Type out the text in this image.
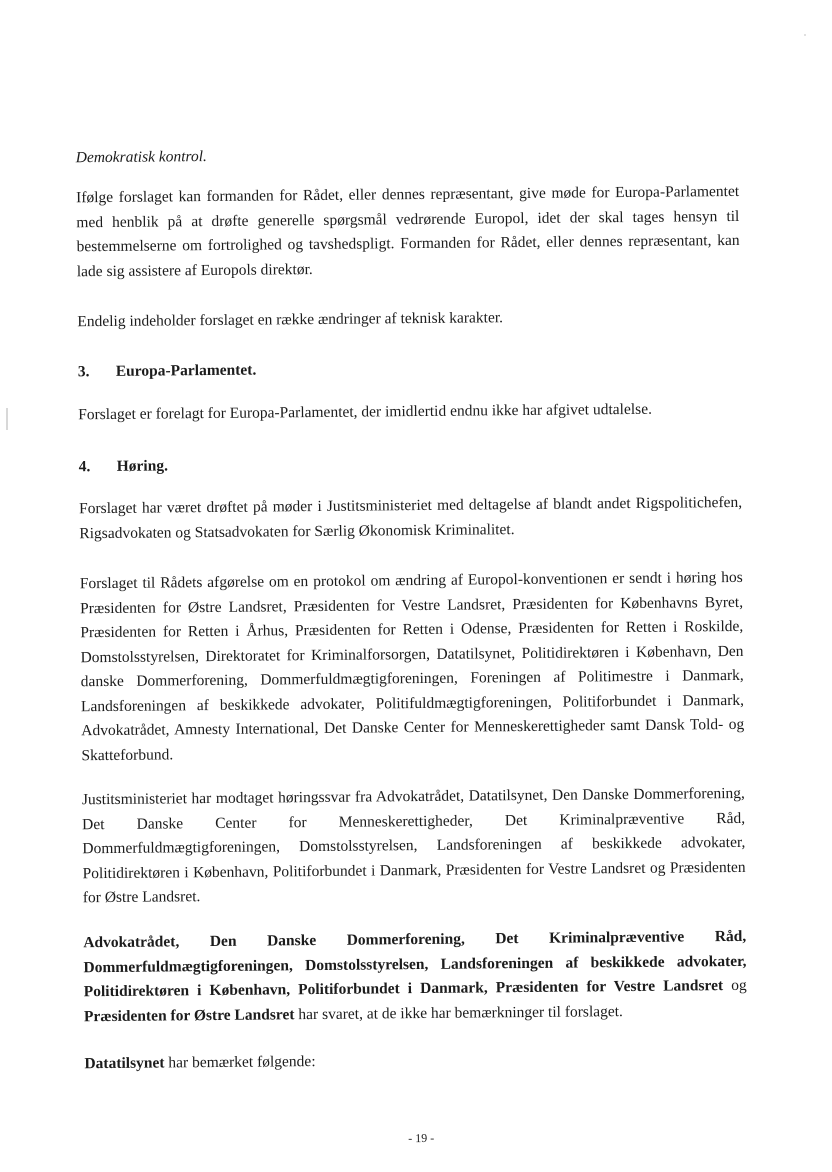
Demokratisk kontrol.

Ifølge forslaget kan formanden for Rådet, eller dennes repræsentant, give møde for Europa-Parlamentet med henblik på at drøfte generelle spørgsmål vedrørende Europol, idet der skal tages hensyn til bestemmelserne om fortrolighed og tavshedspligt. Formanden for Rådet, eller dennes repræsentant, kan lade sig assistere af Europols direktør.

Endelig indeholder forslaget en række ændringer af teknisk karakter.

3. Europa-Parlamentet.

Forslaget er forelagt for Europa-Parlamentet, der imidlertid endnu ikke har afgivet udtalelse.

4. Høring.

Forslaget har været drøftet på møder i Justitsministeriet med deltagelse af blandt andet Rigspolitichefen, Rigsadvokaten og Statsadvokaten for Særlig Økonomisk Kriminalitet.

Forslaget til Rådets afgørelse om en protokol om ændring af Europol-konventionen er sendt i høring hos Præsidenten for Østre Landsret, Præsidenten for Vestre Landsret, Præsidenten for Københavns Byret, Præsidenten for Retten i Århus, Præsidenten for Retten i Odense, Præsidenten for Retten i Roskilde, Domstolsstyrelsen, Direktoratet for Kriminalforsorgen, Datatilsynet, Politidirektøren i København, Den danske Dommerforening, Dommerfuldmægtigforeningen, Foreningen af Politimestre i Danmark, Landsforeningen af beskikkede advokater, Politifuldmægtigforeningen, Politiforbundet i Danmark, Advokatrådet, Amnesty International, Det Danske Center for Menneskerettigheder samt Dansk Told- og Skatteforbund.

Justitsministeriet har modtaget høringssvar fra Advokatrådet, Datatilsynet, Den Danske Dommerforening, Det Danske Center for Menneskerettigheder, Det Kriminalpræventive Råd, Dommerfuldmægtigforeningen, Domstolsstyrelsen, Landsforeningen af beskikkede advokater, Politidirektøren i København, Politiforbundet i Danmark, Præsidenten for Vestre Landsret og Præsidenten for Østre Landsret.

Advokatrådet, Den Danske Dommerforening, Det Kriminalpræventive Råd, Dommerfuldmægtigforeningen, Domstolsstyrelsen, Landsforeningen af beskikkede advokater, Politidirektøren i København, Politiforbundet i Danmark, Præsidenten for Vestre Landsret og Præsidenten for Østre Landsret har svaret, at de ikke har bemærkninger til forslaget.

Datatilsynet har bemærket følgende:

- 19 -
